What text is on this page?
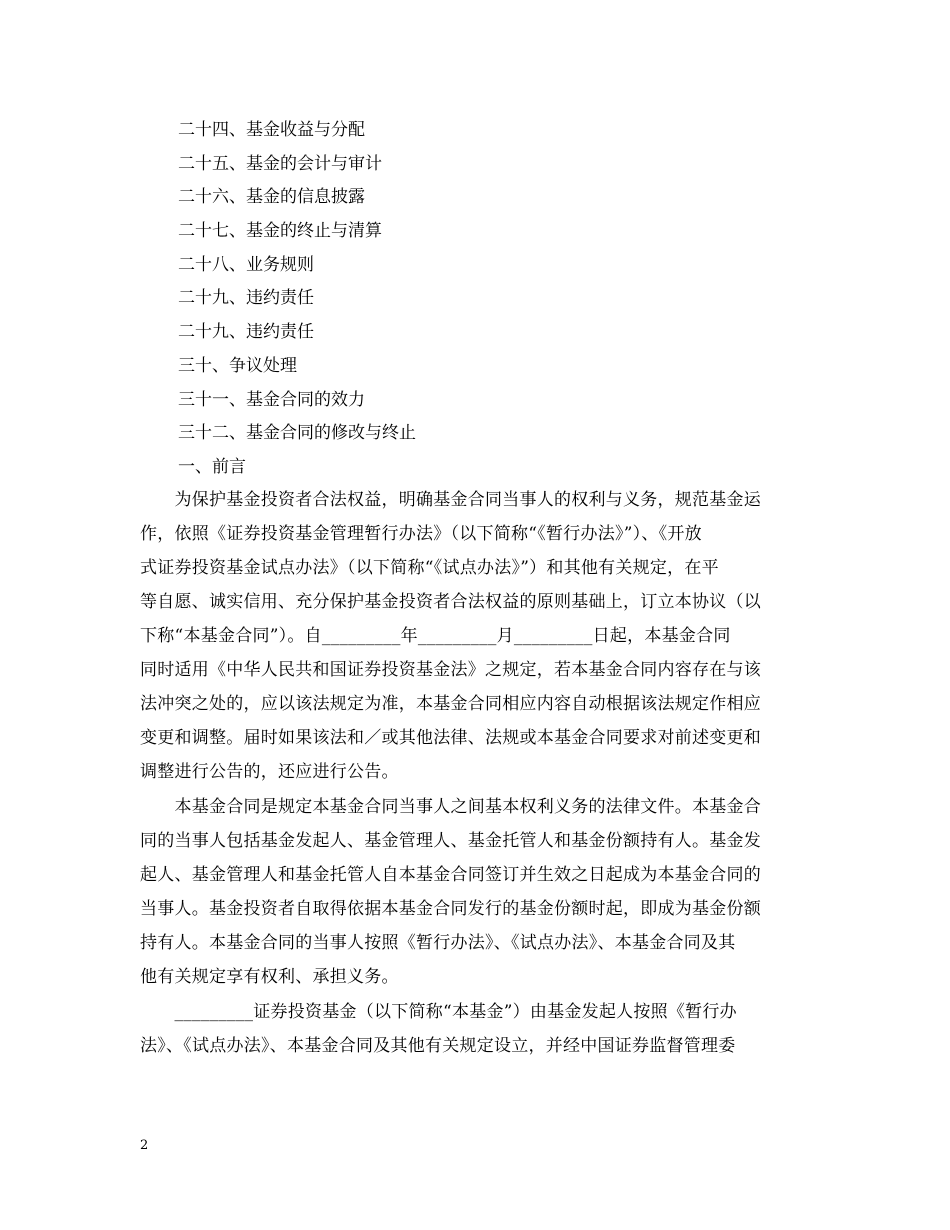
二十四、基金收益与分配
二十五、基金的会计与审计
二十六、基金的信息披露
二十七、基金的终止与清算
二十八、业务规则
二十九、违约责任
二十九、违约责任
三十、争议处理
三十一、基金合同的效力
三十二、基金合同的修改与终止
一、前言
　　为保护基金投资者合法权益，明确基金合同当事人的权利与义务，规范基金运
作，依照《证券投资基金管理暂行办法》（以下简称“《暂行办法》”）、《开放
式证券投资基金试点办法》（以下简称“《试点办法》”）和其他有关规定，在平
等自愿、诚实信用、充分保护基金投资者合法权益的原则基础上，订立本协议（以
下称“本基金合同”）。自_________年_________月_________日起，本基金合同
同时适用《中华人民共和国证券投资基金法》之规定，若本基金合同内容存在与该
法冲突之处的，应以该法规定为准，本基金合同相应内容自动根据该法规定作相应
变更和调整。届时如果该法和／或其他法律、法规或本基金合同要求对前述变更和
调整进行公告的，还应进行公告。
　　本基金合同是规定本基金合同当事人之间基本权利义务的法律文件。本基金合
同的当事人包括基金发起人、基金管理人、基金托管人和基金份额持有人。基金发
起人、基金管理人和基金托管人自本基金合同签订并生效之日起成为本基金合同的
当事人。基金投资者自取得依据本基金合同发行的基金份额时起，即成为基金份额
持有人。本基金合同的当事人按照《暂行办法》、《试点办法》、本基金合同及其
他有关规定享有权利、承担义务。
　　_________证券投资基金（以下简称“本基金”）由基金发起人按照《暂行办
法》、《试点办法》、本基金合同及其他有关规定设立，并经中国证券监督管理委
2
